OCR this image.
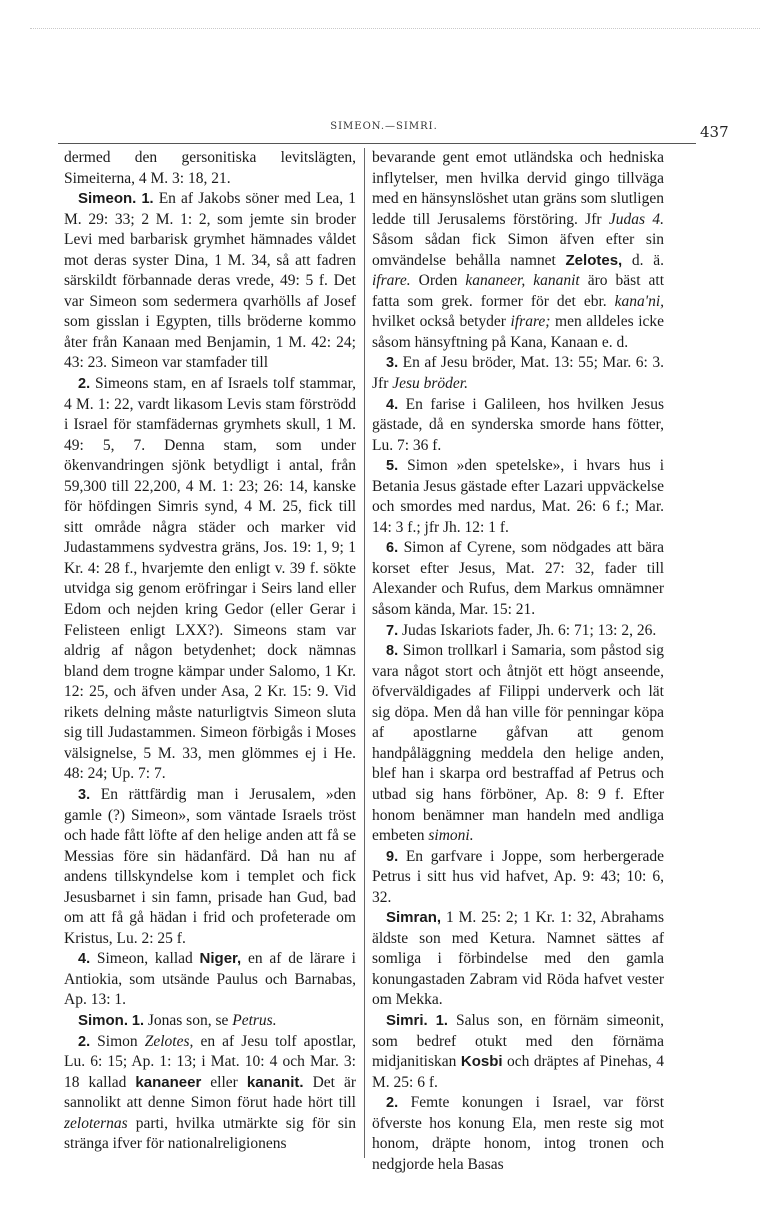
SIMEON.—SIMRI.	437

dermed den gersonitiska levitslägten, Simeiterna, 4 M. 3: 18, 21.

Simeon. 1. En af Jakobs söner med Lea, 1 M. 29: 33; 2 M. 1: 2, som jemte sin broder Levi med barbarisk grymhet hämnades våldet mot deras syster Dina, 1 M. 34, så att fadren särskildt förbannade deras vrede, 49: 5 f. Det var Simeon som sedermera qvarhölls af Josef som gisslan i Egypten, tills bröderne kommo åter från Kanaan med Benjamin, 1 M. 42: 24; 43: 23. Simeon var stamfader till

2. Simeons stam, en af Israels tolf stammar, 4 M. 1: 22, vardt likasom Levis stam förströdd i Israel för stamfädernas grymhets skull, 1 M. 49: 5, 7. Denna stam, som under ökenvandringen sjönk betydligt i antal, från 59,300 till 22,200, 4 M. 1: 23; 26: 14, kanske för höfdingen Simris synd, 4 M. 25, fick till sitt område några städer och marker vid Judastammens sydvestra gräns, Jos. 19: 1, 9; 1 Kr. 4: 28 f., hvarjemte den enligt v. 39 f. sökte utvidga sig genom eröfringar i Seirs land eller Edom och nejden kring Gedor (eller Gerar i Felisteen enligt LXX?). Simeons stam var aldrig af någon betydenhet; dock nämnas bland dem trogne kämpar under Salomo, 1 Kr. 12: 25, och äfven under Asa, 2 Kr. 15: 9. Vid rikets delning måste naturligtvis Simeon sluta sig till Judastammen. Simeon förbigås i Moses välsignelse, 5 M. 33, men glömmes ej i He. 48: 24; Up. 7: 7.

3. En rättfärdig man i Jerusalem, »den gamle (?) Simeon», som väntade Israels tröst och hade fått löfte af den helige anden att få se Messias före sin hädanfärd. Då han nu af andens tillskyndelse kom i templet och fick Jesusbarnet i sin famn, prisade han Gud, bad om att få gå hädan i frid och profeterade om Kristus, Lu. 2: 25 f.

4. Simeon, kallad Niger, en af de lärare i Antiokia, som utsände Paulus och Barnabas, Ap. 13: 1.

Simon. 1. Jonas son, se Petrus.

2. Simon Zelotes, en af Jesu tolf apostlar, Lu. 6: 15; Ap. 1: 13; i Mat. 10: 4 och Mar. 3: 18 kallad kananeer eller kananit. Det är sannolikt att denne Simon förut hade hört till zeloternas parti, hvilka utmärkte sig för sin stränga ifver för nationalreligionens

bevarande gent emot utländska och hedniska inflytelser, men hvilka dervid gingo tillväga med en hänsynslöshet utan gräns som slutligen ledde till Jerusalems förstöring. Jfr Judas 4. Såsom sådan fick Simon äfven efter sin omvändelse behålla namnet Zelotes, d. ä. ifrare. Orden kananeer, kananit äro bäst att fatta som grek. former för det ebr. kana'ni, hvilket också betyder ifrare; men alldeles icke såsom hänsyftning på Kana, Kanaan e. d.

3. En af Jesu bröder, Mat. 13: 55; Mar. 6: 3. Jfr Jesu bröder.

4. En farise i Galileen, hos hvilken Jesus gästade, då en synderska smorde hans fötter, Lu. 7: 36 f.

5. Simon »den spetelske», i hvars hus i Betania Jesus gästade efter Lazari uppväckelse och smordes med nardus, Mat. 26: 6 f.; Mar. 14: 3 f.; jfr Jh. 12: 1 f.

6. Simon af Cyrene, som nödgades att bära korset efter Jesus, Mat. 27: 32, fader till Alexander och Rufus, dem Markus omnämner såsom kända, Mar. 15: 21.

7. Judas Iskariots fader, Jh. 6: 71; 13: 2, 26.

8. Simon trollkarl i Samaria, som påstod sig vara något stort och åtnjöt ett högt anseende, öfverväldigades af Filippi underverk och lät sig döpa. Men då han ville för penningar köpa af apostlarne gåfvan att genom handpåläggning meddela den helige anden, blef han i skarpa ord bestraffad af Petrus och utbad sig hans förböner, Ap. 8: 9 f. Efter honom benämner man handeln med andliga embeten simoni.

9. En garfvare i Joppe, som herbergerade Petrus i sitt hus vid hafvet, Ap. 9: 43; 10: 6, 32.

Simran, 1 M. 25: 2; 1 Kr. 1: 32, Abrahams äldste son med Ketura. Namnet sättes af somliga i förbindelse med den gamla konungastaden Zabram vid Röda hafvet vester om Mekka.

Simri. 1. Salus son, en förnäm simeonit, som bedref otukt med den förnäma midjanitiskan Kosbi och dräptes af Pinehas, 4 M. 25: 6 f.

2. Femte konungen i Israel, var först öfverste hos konung Ela, men reste sig mot honom, dräpte honom, intog tronen och nedgjorde hela Basas
